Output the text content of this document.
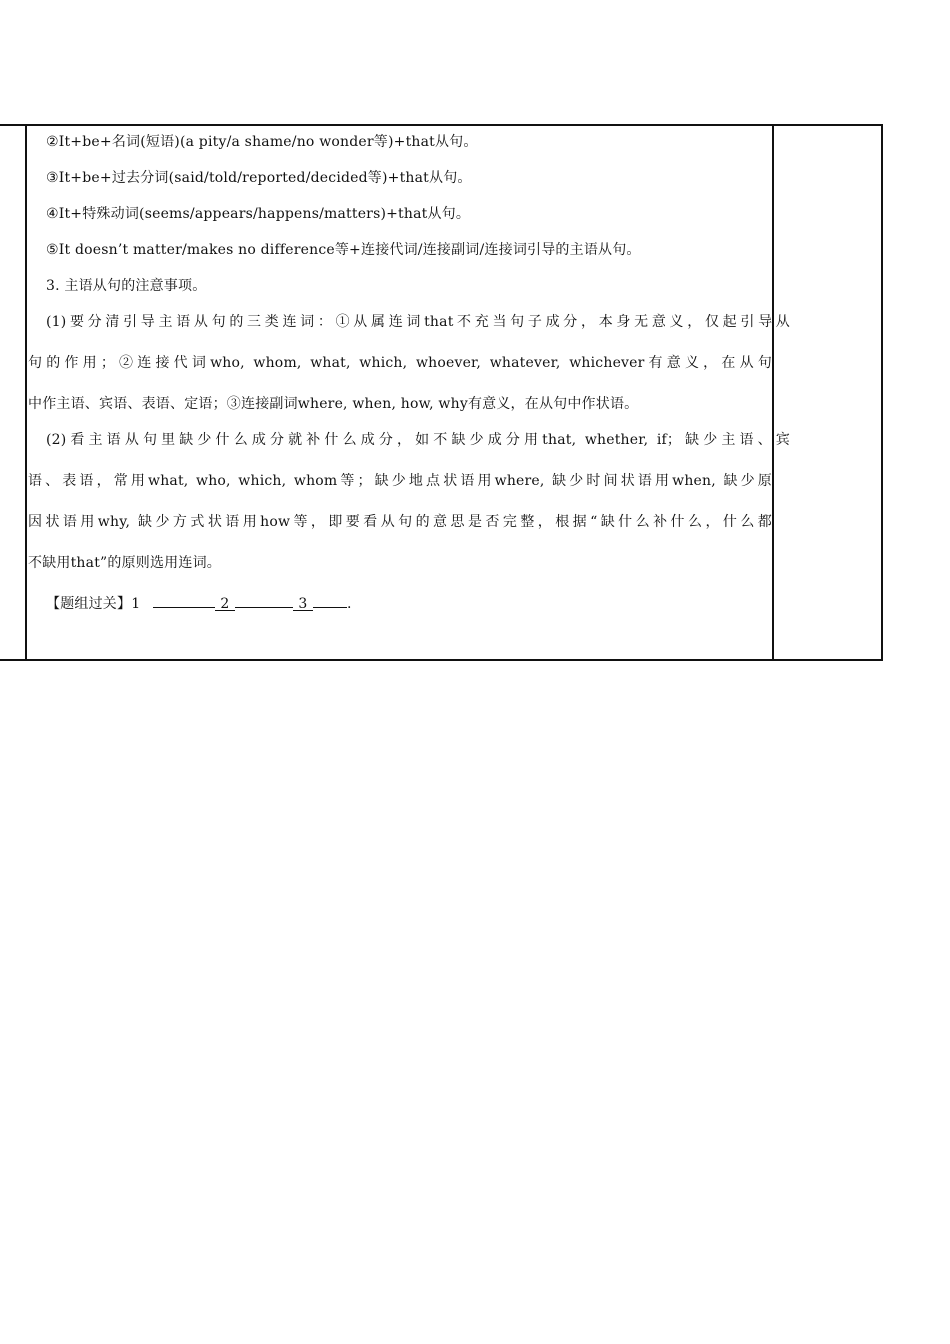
②It+be+名词(短语)(a pity/a shame/no wonder等)+that从句。
③It+be+过去分词(said/told/reported/decided等)+that从句。
④It+特殊动词(seems/appears/happens/matters)+that从句。
⑤It doesn’t matter/makes no difference等+连接代词/连接副词/连接词引导的主语从句。
3. 主语从句的注意事项。
(1)要分清引导主语从句的三类连词：①从属连词that不充当句子成分，本身无意义，仅起引导从
句的作用；②连接代词who, whom, what, which, whoever, whatever, whichever有意义，在从句
中作主语、宾语、表语、定语；③连接副词where, when, how, why有意义，在从句中作状语。
(2)看主语从句里缺少什么成分就补什么成分，如不缺少成分用that, whether, if；缺少主语、宾
语、表语，常用what, who, which, whom等；缺少地点状语用where, 缺少时间状语用when, 缺少原
因状语用why, 缺少方式状语用how等，即要看从句的意思是否完整，根据“缺什么补什么，什么都
不缺用that”的原则选用连词。
【题组过关】1	2	3	.
